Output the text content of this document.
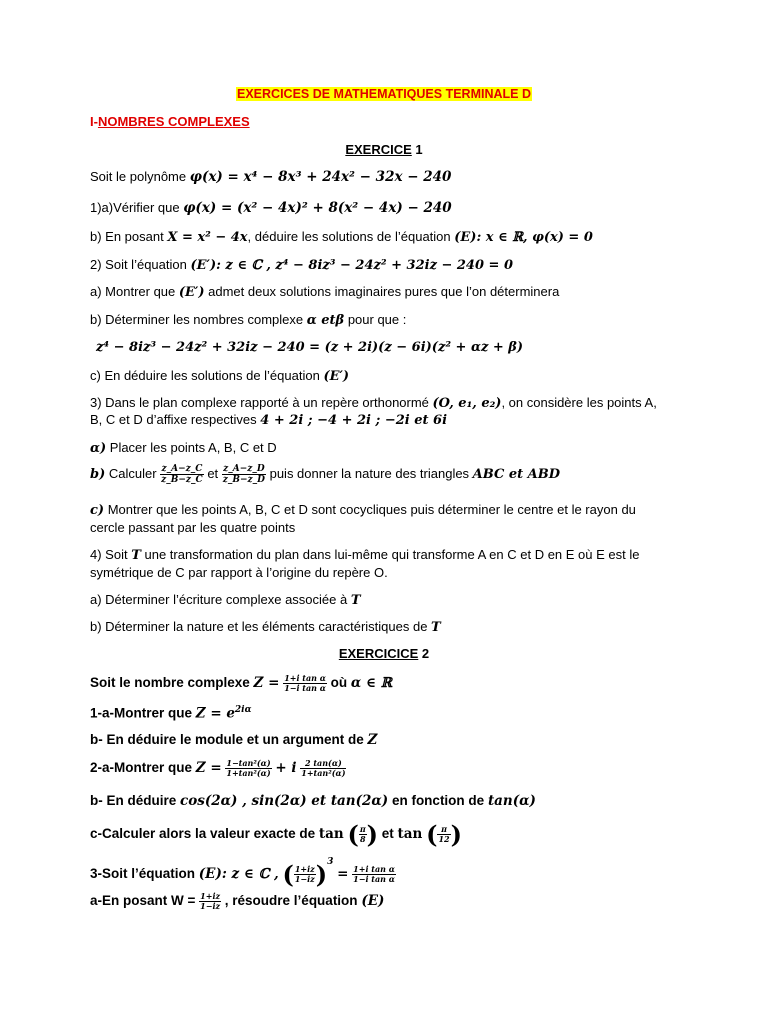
EXERCICES DE MATHEMATIQUES TERMINALE D
I-NOMBRES COMPLEXES
EXERCICE 1
Soit le polynôme φ(x) = x⁴ − 8x³ + 24x² − 32x − 240
1)a)Vérifier que φ(x) = (x² − 4x)² + 8(x² − 4x) − 240
b) En posant X = x² − 4x, déduire les solutions de l’équation (E): x ∈ ℝ, φ(x) = 0
2) Soit l’équation (E′): z ∈ ℂ , z⁴ − 8iz³ − 24z² + 32iz − 240 = 0
a) Montrer que (E′) admet deux solutions imaginaires pures que l’on déterminera
b) Déterminer les nombres complexe α etβ pour que :
z⁴ − 8iz³ − 24z² + 32iz − 240 = (z + 2i)(z − 6i)(z² + αz + β)
c) En déduire les solutions de l’équation (E′)
3) Dans le plan complexe rapporté à un repère orthonormé (O, e₁, e₂), on considère les points A,
B, C et D d’affixe respectives 4 + 2i ; −4 + 2i ; −2i et 6i
α) Placer les points A, B, C et D
b) Calculer $\frac{z\_A-z\_C}{z\_B-z\_C}$ et $\frac{z\_A-z\_D}{z\_B-z\_D}$ puis donner la nature des triangles ABC et ABD
c) Montrer que les points A, B, C et D sont cocycliques puis déterminer le centre et le rayon du
cercle passant par les quatre points
4) Soit T une transformation du plan dans lui-même qui transforme A en C et D en E où E est le
symétrique de C par rapport à l’origine du repère O.
a) Déterminer l’écriture complexe associée à T
b) Déterminer la nature et les éléments caractéristiques de T
EXERCICICE 2
Soit le nombre complexe $Z = \frac{\text{1+i tan α}}{\text{1−i tan α}}$ où α ∈ ℝ
1-a-Montrer que $Z = e^{2i\alpha}$
b- En déduire le module et un argument de Z
2-a-Montrer que $Z = \frac{\text{1−tan²(α)}}{\text{1+tan²(α)}} + i \frac{2 \tan(\alpha)}{\text{1+tan²(α)}}$
b- En déduire cos(2α) , sin(2α) et tan(2α) en fonction de tan(α)
c-Calculer alors la valeur exacte de tan ( $\frac{\pi}{8}$ ) et tan ( $\frac{\pi}{12}$ )
3-Soit l’équation (E): z ∈ ℂ , ( $\frac{1+iz}{1-iz} )^3 = \frac{\text{1+i tan α}}{\text{1−i tan α}}$
a-En posant $W = \frac{1+iz}{1-iz}$ , résoudre l’équation (E)
